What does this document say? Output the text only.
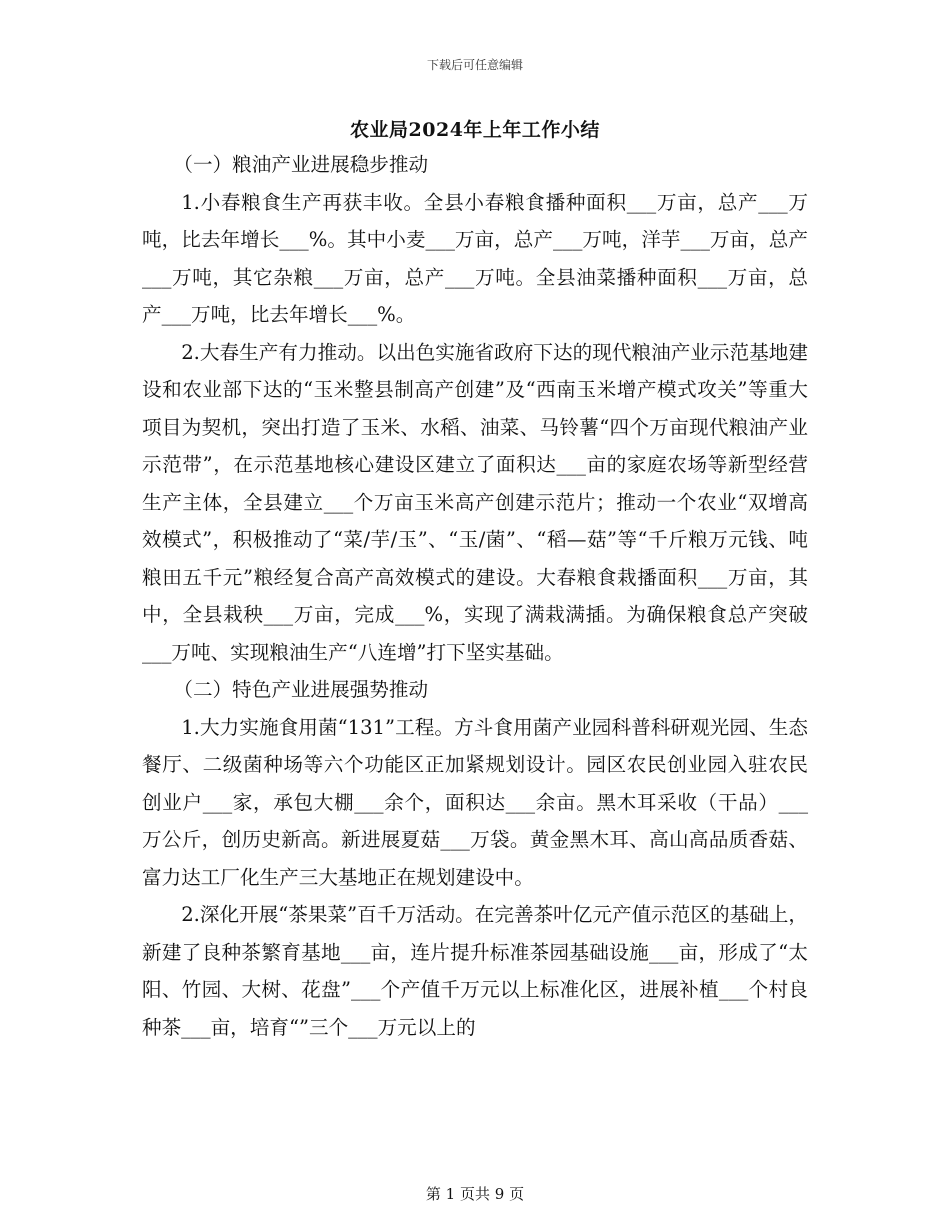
下载后可任意编辑
农业局2024年上年工作小结

（一）粮油产业进展稳步推动

1.小春粮食生产再获丰收。全县小春粮食播种面积___万亩，总产___万吨，比去年增长___%。其中小麦___万亩，总产___万吨，洋芋___万亩，总产___万吨，其它杂粮___万亩，总产___万吨。全县油菜播种面积___万亩，总产___万吨，比去年增长___%。

2.大春生产有力推动。以出色实施省政府下达的现代粮油产业示范基地建设和农业部下达的“玉米整县制高产创建”及“西南玉米增产模式攻关”等重大项目为契机，突出打造了玉米、水稻、油菜、马铃薯“四个万亩现代粮油产业示范带”，在示范基地核心建设区建立了面积达___亩的家庭农场等新型经营生产主体，全县建立___个万亩玉米高产创建示范片；推动一个农业“双增高效模式”，积极推动了“菜/芋/玉”、“玉/菌”、“稻—菇”等“千斤粮万元钱、吨粮田五千元”粮经复合高产高效模式的建设。大春粮食栽播面积___万亩，其中，全县栽秧___万亩，完成___%，实现了满栽满插。为确保粮食总产突破___万吨、实现粮油生产“八连增”打下坚实基础。

（二）特色产业进展强势推动

1.大力实施食用菌“131”工程。方斗食用菌产业园科普科研观光园、生态餐厅、二级菌种场等六个功能区正加紧规划设计。园区农民创业园入驻农民创业户___家，承包大棚___余个，面积达___余亩。黑木耳采收（干品）___万公斤，创历史新高。新进展夏菇___万袋。黄金黑木耳、高山高品质香菇、富力达工厂化生产三大基地正在规划建设中。

2.深化开展“茶果菜”百千万活动。在完善茶叶亿元产值示范区的基础上，新建了良种茶繁育基地___亩，连片提升标准茶园基础设施___亩，形成了“太阳、竹园、大树、花盘”___个产值千万元以上标准化区，进展补植___个村良种茶___亩，培育“”三个___万元以上的

第 1 页共 9 页
